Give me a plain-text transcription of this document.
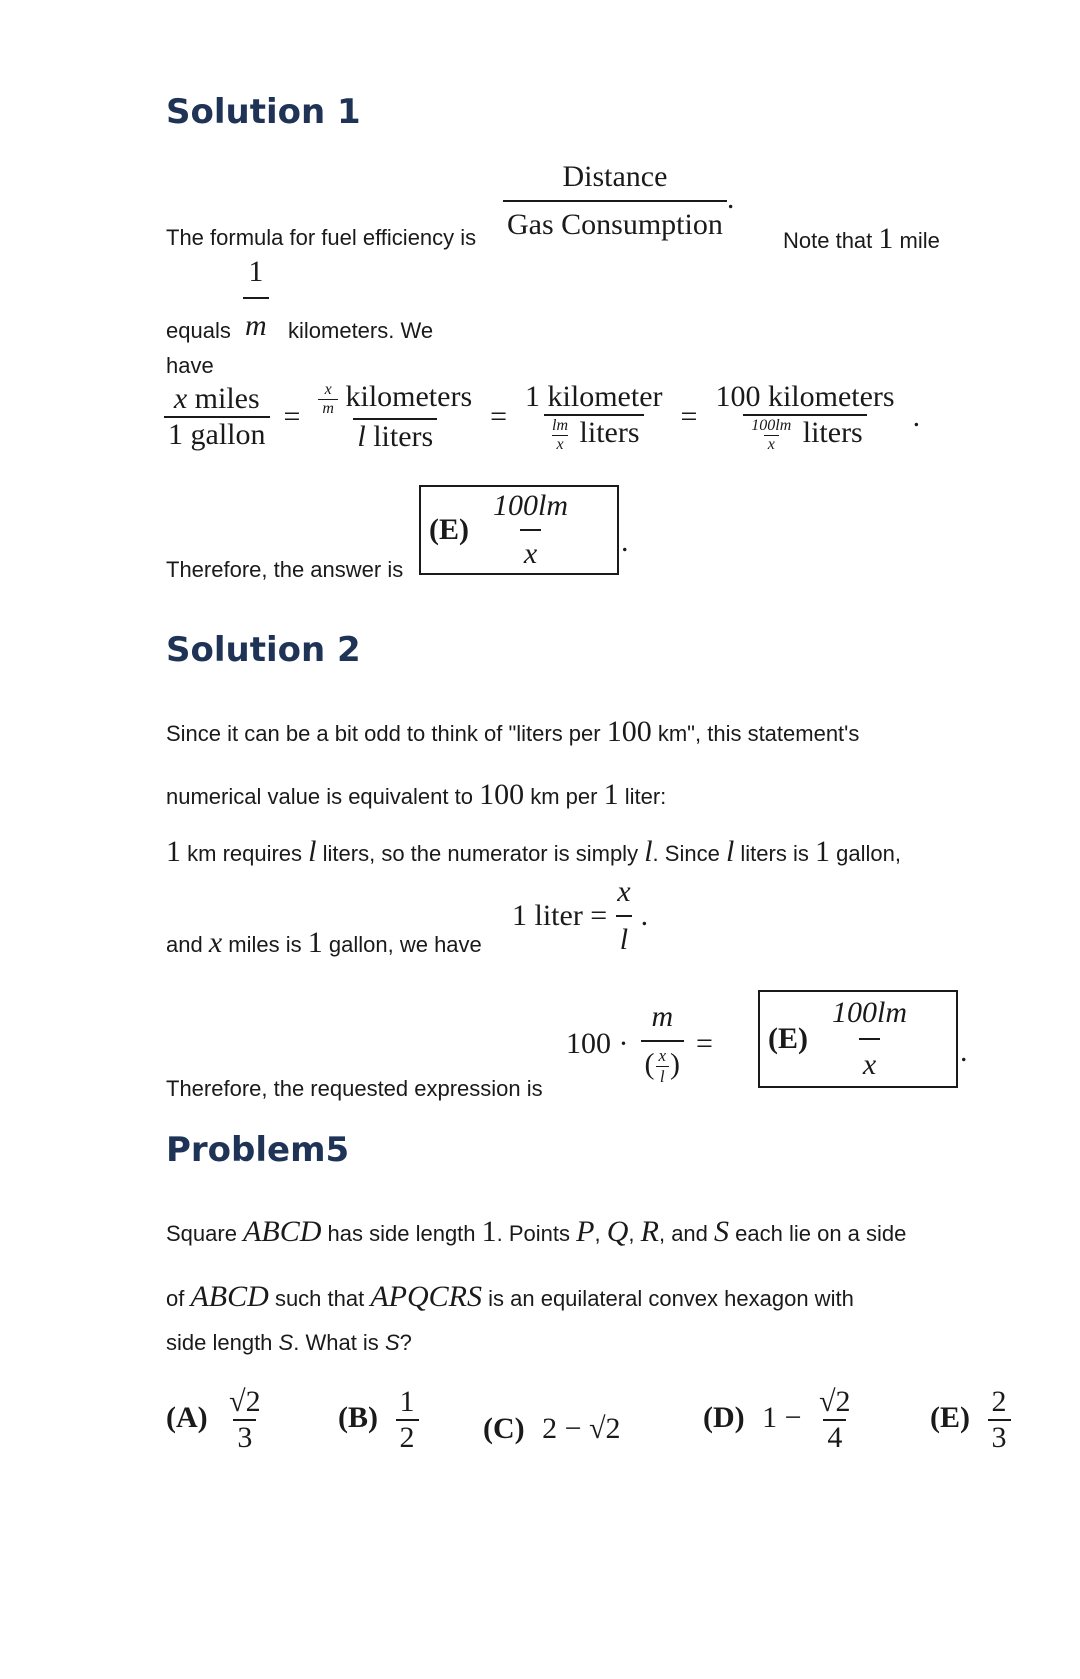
Solution 1
The formula for fuel efficiency is $\frac{\text{Distance}}{\text{Gas Consumption}}$ .
Note that 1 mile
equals $\frac{1}{m}$ kilometers. We
have
$\frac{\text{x miles}}{\text{1 gallon}} = \frac{\frac{x}{m} kilometers}{\text{l liters}} = \frac{\text{1 kilometer}}{\frac{lm}{x} liters} = \frac{\text{100 kilometers}}{\frac{100lm}{x} liters}$ .
Therefore, the answer is
$(E) \frac{100lm}{x}$ .
Solution 2
Since it can be a bit odd to think of "liters per 100 km", this statement's
numerical value is equivalent to 100 km per 1 liter:
1 km requires l liters, so the numerator is simply l. Since l liters is 1 gallon,
and x miles is 1 gallon, we have
1 liter = $\frac{x}{l}$ .
Therefore, the requested expression is
$100 \cdot \frac{m}{( \frac{x}{l} )} = (E) \frac{100lm}{x}$ .
Problem5
Square ABCD has side length 1. Points P, Q, R, and S each lie on a side
of ABCD such that APQCRS is an equilateral convex hexagon with
side length S. What is S?
$(A) \frac{√2}{3} (B) \frac{1}{2} (C) 2 - √2$	(D) $1 - \frac{√2}{4}$	$(E) \frac{2}{3}$
